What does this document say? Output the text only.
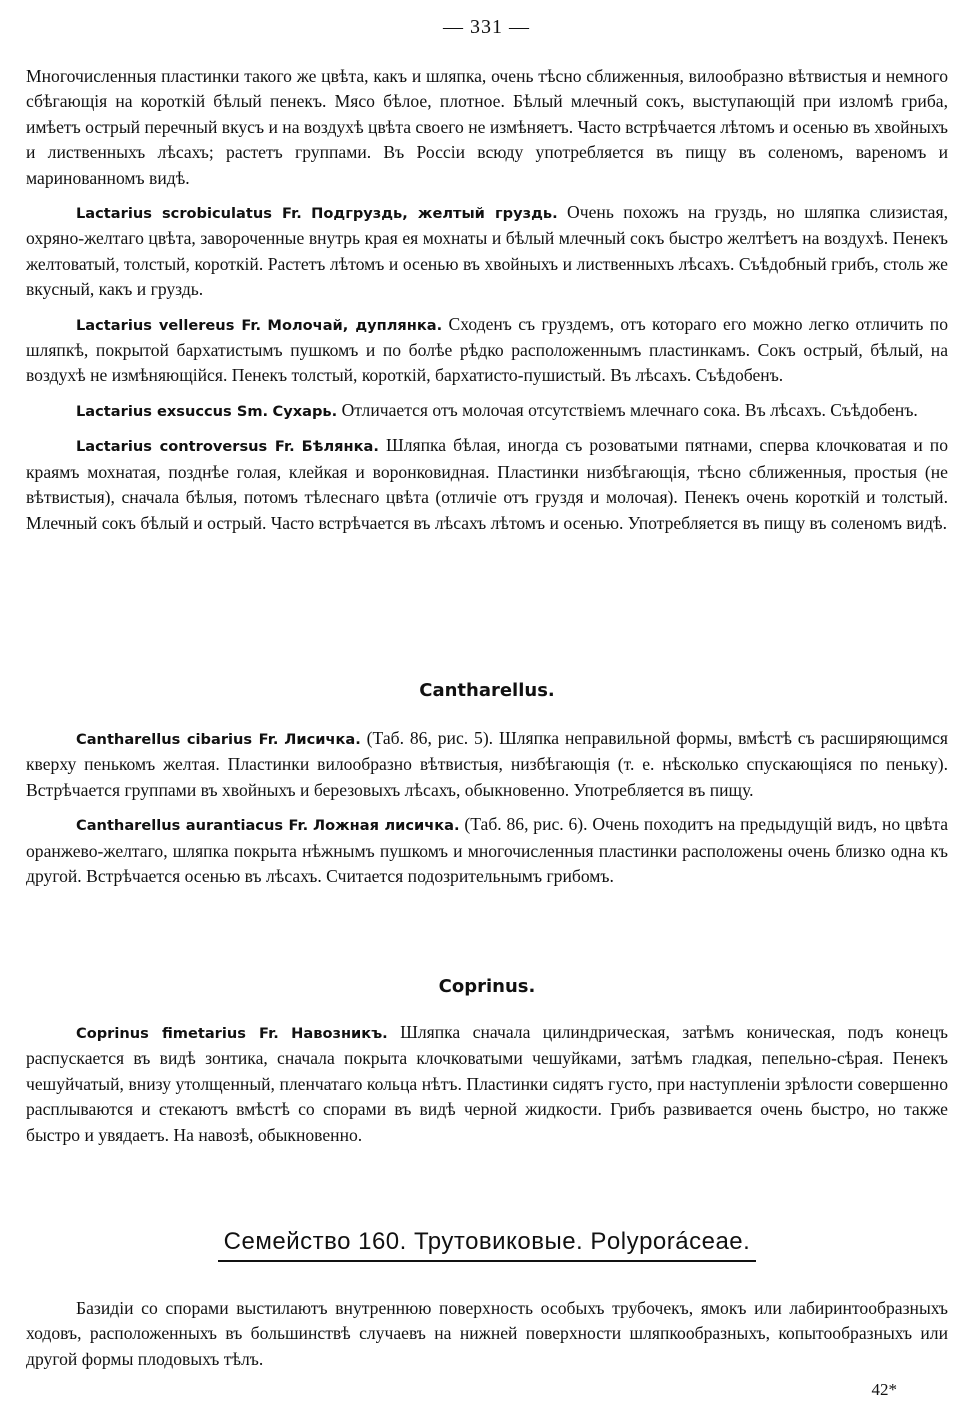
— 331 —

Многочисленныя пластинки такого же цвѣта, какъ и шляпка, очень тѣсно сближенныя, вилообразно вѣтвистыя и немного сбѣгающія на короткій бѣлый пенекъ. Мясо бѣлое, плотное. Бѣлый млечный сокъ, выступающій при изломѣ гриба, имѣетъ острый перечный вкусъ и на воздухѣ цвѣта своего не измѣняетъ. Часто встрѣчается лѣтомъ и осенью въ хвойныхъ и лиственныхъ лѣсахъ; растетъ группами. Въ Россіи всюду употребляется въ пищу въ соленомъ, вареномъ и маринованномъ видѣ.

Lactarius scrobiculatus Fr. Подгруздь, желтый груздь. Очень похожъ на груздь, но шляпка слизистая, охряно-желтаго цвѣта, завороченные внутрь края ея мохнаты и бѣлый млечный сокъ быстро желтѣетъ на воздухѣ. Пенекъ желтоватый, толстый, короткій. Растетъ лѣтомъ и осенью въ хвойныхъ и лиственныхъ лѣсахъ. Съѣдобный грибъ, столь же вкусный, какъ и груздь.

Lactarius vellereus Fr. Молочай, дуплянка. Сходенъ съ груздемъ, отъ котораго его можно легко отличить по шляпкѣ, покрытой бархатистымъ пушкомъ и по болѣе рѣдко расположеннымъ пластинкамъ. Сокъ острый, бѣлый, на воздухѣ не измѣняющійся. Пенекъ толстый, короткій, бархатисто-пушистый. Въ лѣсахъ. Съѣдобенъ.

Lactarius exsuccus Sm. Сухарь. Отличается отъ молочая отсутствіемъ млечнаго сока. Въ лѣсахъ. Съѣдобенъ.

Lactarius controversus Fr. Бѣлянка. Шляпка бѣлая, иногда съ розоватыми пятнами, сперва клочковатая и по краямъ мохнатая, позднѣе голая, клейкая и воронковидная. Пластинки низбѣгающія, тѣсно сближенныя, простыя (не вѣтвистыя), сначала бѣлыя, потомъ тѣлеснаго цвѣта (отличіе отъ груздя и молочая). Пенекъ очень короткій и толстый. Млечный сокъ бѣлый и острый. Часто встрѣчается въ лѣсахъ лѣтомъ и осенью. Употребляется въ пищу въ соленомъ видѣ.

Cantharellus.

Cantharellus cibarius Fr. Лисичка. (Таб. 86, рис. 5). Шляпка неправильной формы, вмѣстѣ съ расширяющимся кверху пенькомъ желтая. Пластинки вилообразно вѣтвистыя, низбѣгающія (т. е. нѣсколько спускающіяся по пеньку). Встрѣчается группами въ хвойныхъ и березовыхъ лѣсахъ, обыкновенно. Употребляется въ пищу.

Cantharellus aurantiacus Fr. Ложная лисичка. (Таб. 86, рис. 6). Очень походитъ на предыдущій видъ, но цвѣта оранжево-желтаго, шляпка покрыта нѣжнымъ пушкомъ и многочисленныя пластинки расположены очень близко одна къ другой. Встрѣчается осенью въ лѣсахъ. Считается подозрительнымъ грибомъ.

Coprinus.

Coprinus fimetarius Fr. Навозникъ. Шляпка сначала цилиндрическая, затѣмъ коническая, подъ конецъ распускается въ видѣ зонтика, сначала покрыта клочковатыми чешуйками, затѣмъ гладкая, пепельно-сѣрая. Пенекъ чешуйчатый, внизу утолщенный, пленчатаго кольца нѣтъ. Пластинки сидятъ густо, при наступленіи зрѣлости совершенно расплываются и стекаютъ вмѣстѣ со спорами въ видѣ черной жидкости. Грибъ развивается очень быстро, но также быстро и увядаетъ. На навозѣ, обыкновенно.

Семейство 160. Трутовиковые. Polyporáceae.

Базидіи со спорами выстилаютъ внутреннюю поверхность особыхъ трубочекъ, ямокъ или лабиринтообразныхъ ходовъ, расположенныхъ въ большинствѣ случаевъ на нижней поверхности шляпкообразныхъ, копытообразныхъ или другой формы плодовыхъ тѣлъ.

42*
